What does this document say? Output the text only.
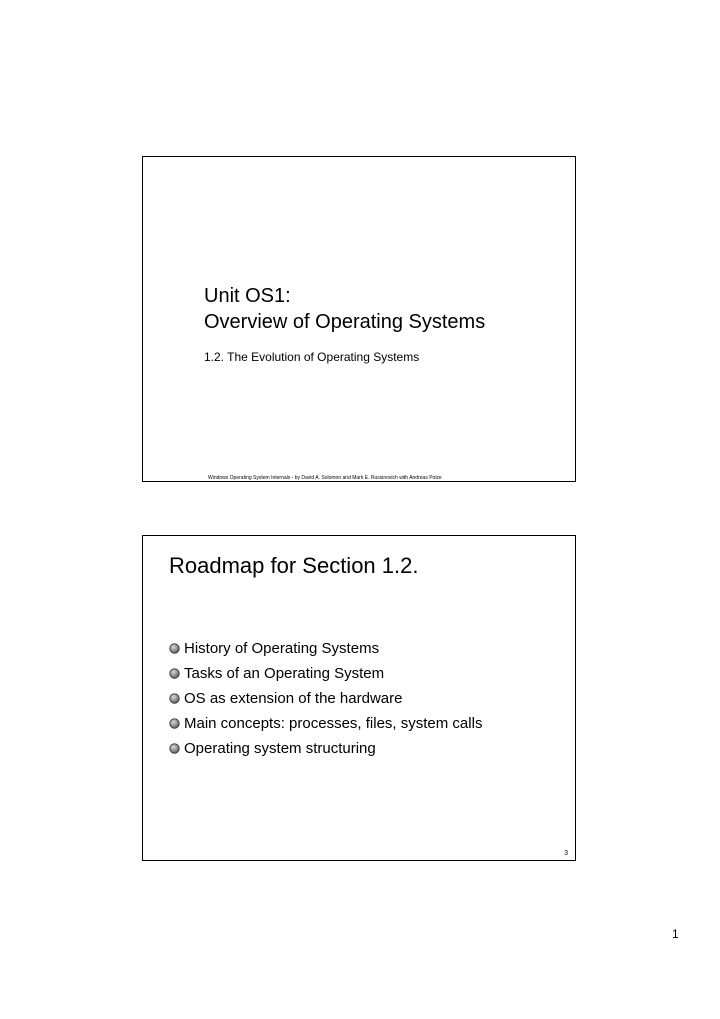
Unit OS1:
Overview of Operating Systems
1.2. The Evolution of Operating Systems
Windows Operating System Internals - by David A. Solomon and Mark E. Russinovich with Andreas Polze
Roadmap for Section 1.2.
History of Operating Systems
Tasks of an Operating System
OS as extension of the hardware
Main concepts: processes, files, system calls
Operating system structuring
3
1
